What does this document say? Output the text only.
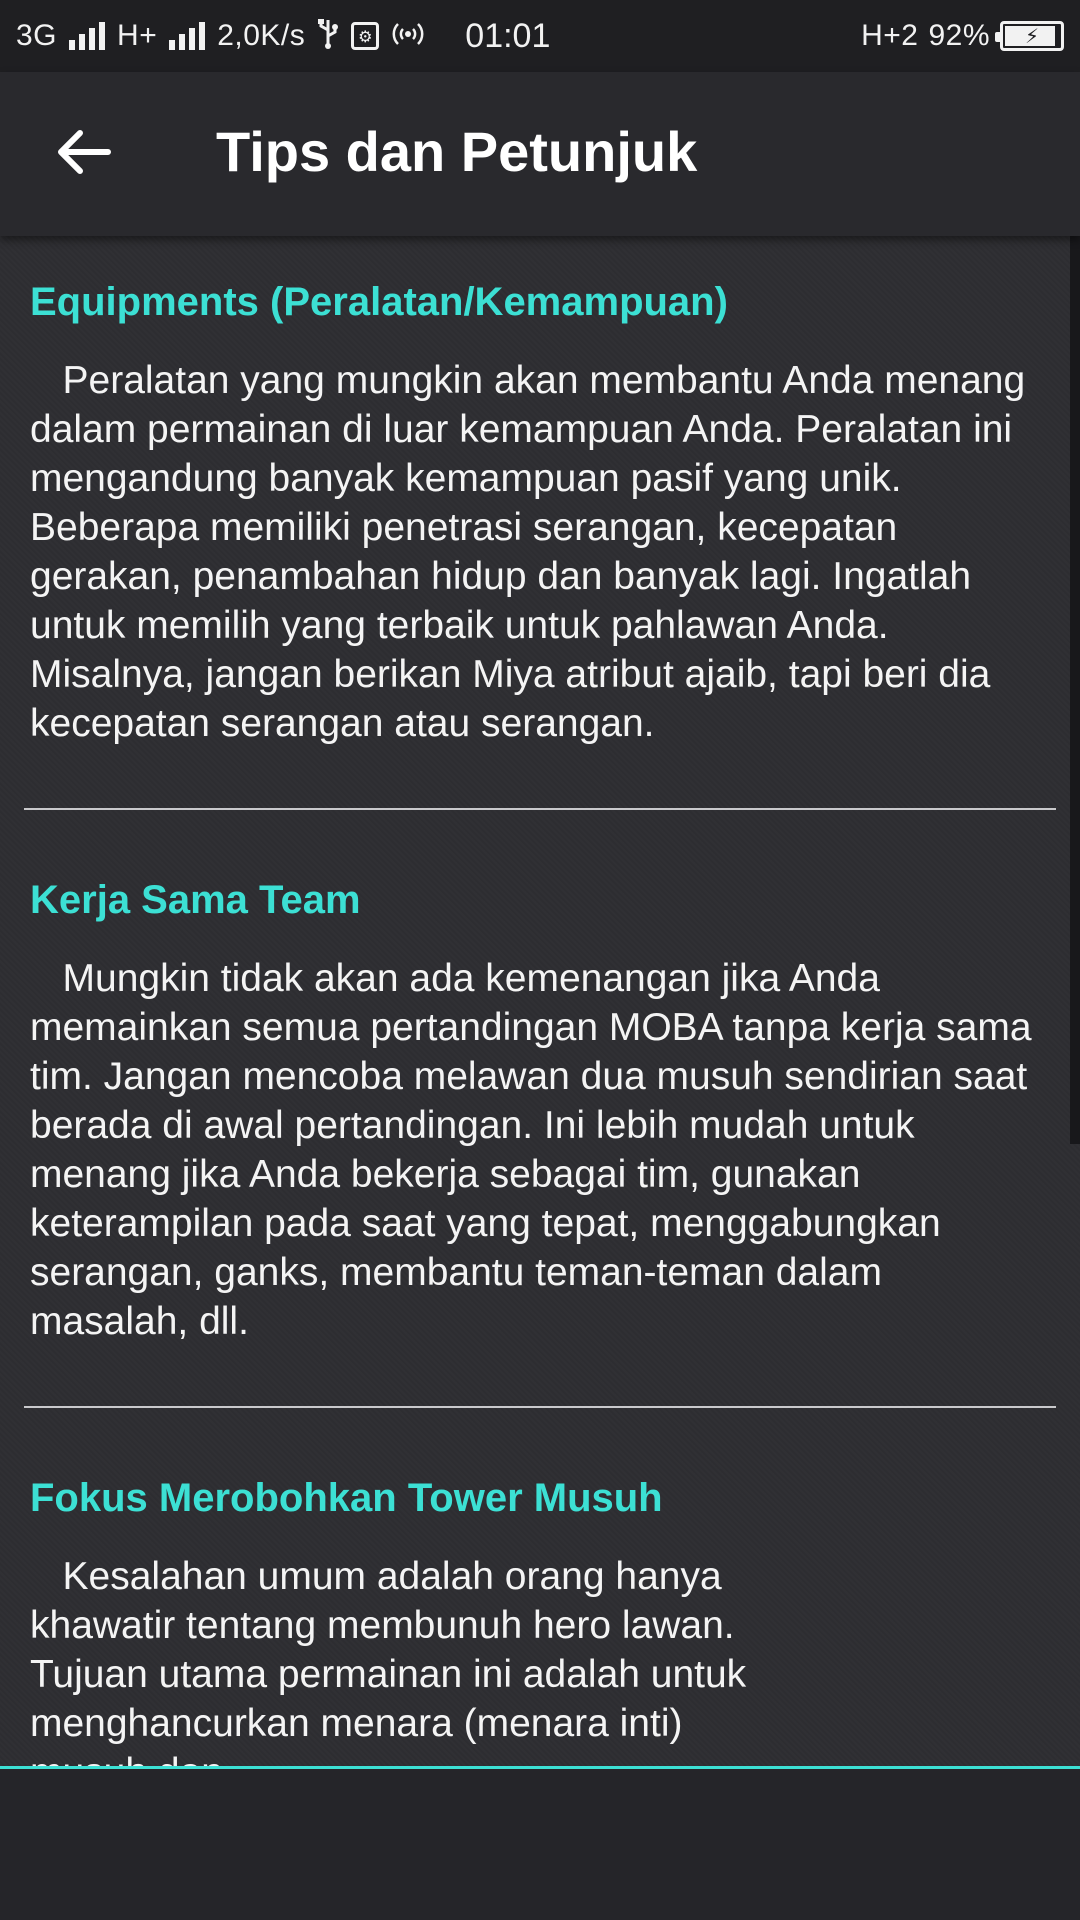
3G H+ 2,0K/s	⚙	01:01	H+2 92% ⚡
Tips dan Petunjuk
Equipments (Peralatan/Kemampuan)

Peralatan yang mungkin akan membantu Anda menang dalam permainan di luar kemampuan Anda. Peralatan ini mengandung banyak kemampuan pasif yang unik. Beberapa memiliki penetrasi serangan, kecepatan gerakan, penambahan hidup dan banyak lagi. Ingatlah untuk memilih yang terbaik untuk pahlawan Anda. Misalnya, jangan berikan Miya atribut ajaib, tapi beri dia kecepatan serangan atau serangan.

Kerja Sama Team

Mungkin tidak akan ada kemenangan jika Anda memainkan semua pertandingan MOBA tanpa kerja sama tim. Jangan mencoba melawan dua musuh sendirian saat berada di awal pertandingan. Ini lebih mudah untuk menang jika Anda bekerja sebagai tim, gunakan keterampilan pada saat yang tepat, menggabungkan serangan, ganks, membantu teman-teman dalam masalah, dll.

Fokus Merobohkan Tower Musuh

Kesalahan umum adalah orang hanya khawatir tentang membunuh hero lawan. Tujuan utama permainan ini adalah untuk menghancurkan menara (menara inti)
